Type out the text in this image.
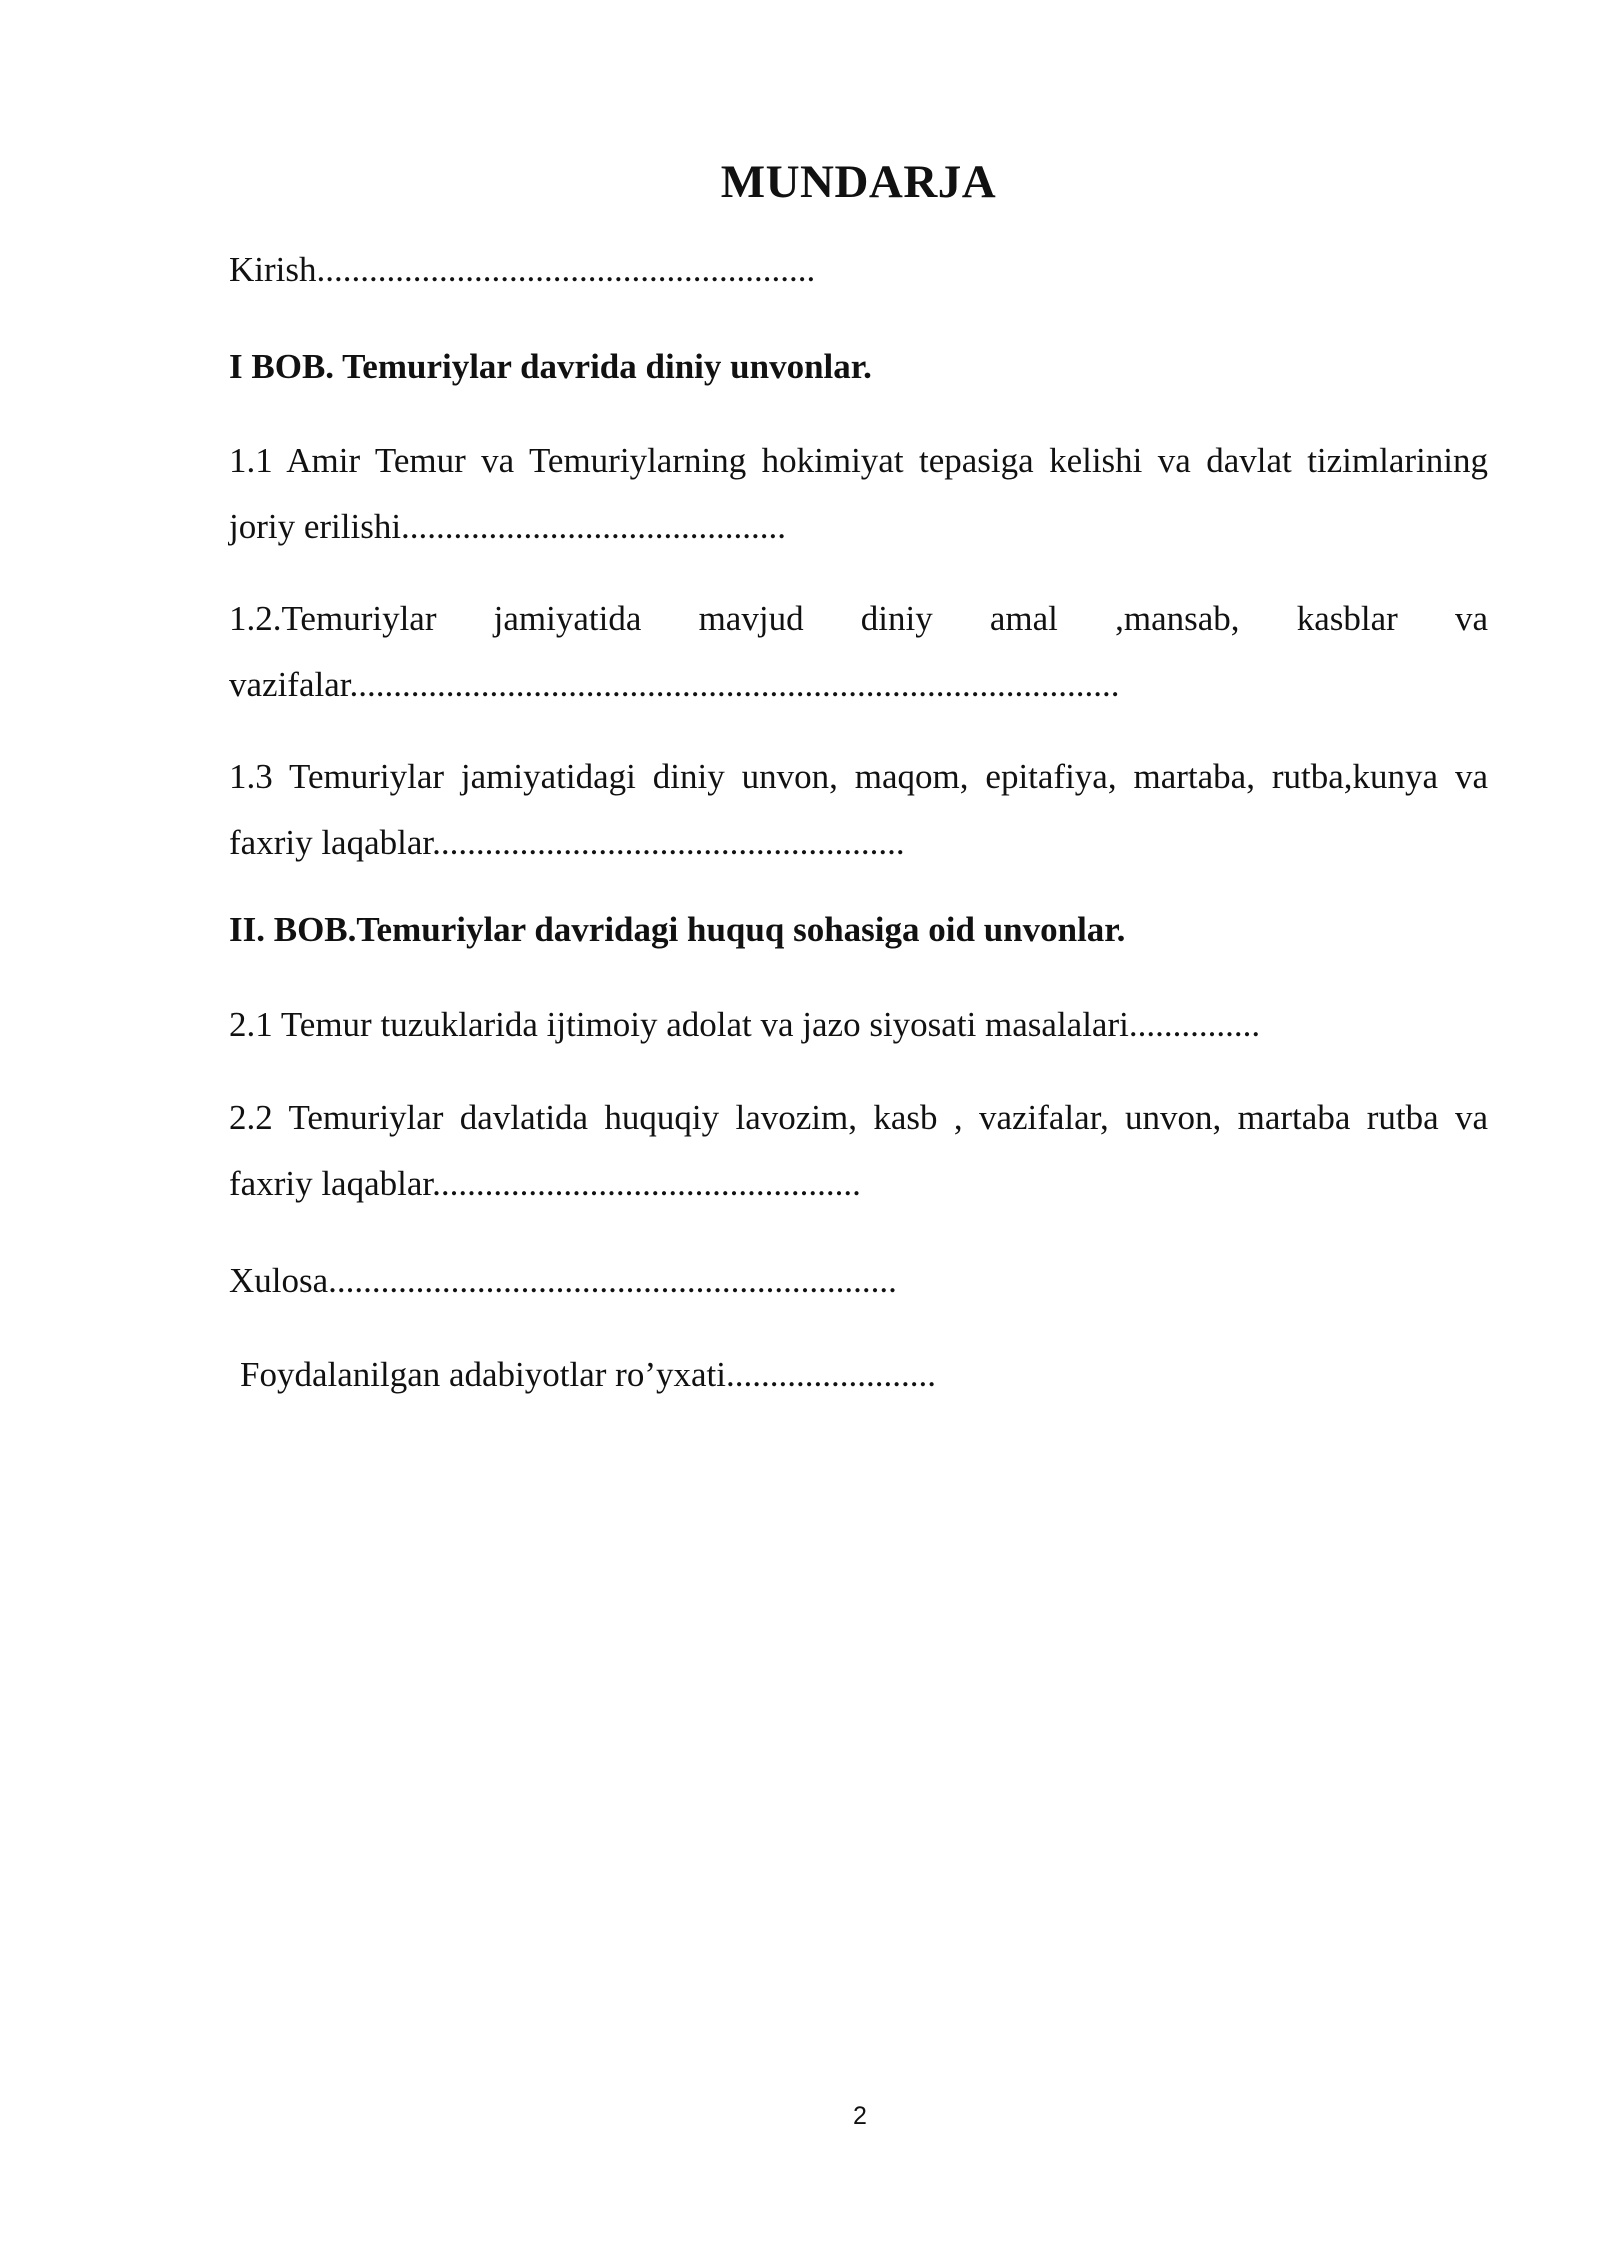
MUNDARJA

Kirish.........................................................

I BOB. Temuriylar davrida diniy unvonlar.

1.1 Amir Temur va Temuriylarning hokimiyat tepasiga kelishi va davlat tizimlarining joriy erilishi............................................

1.2.Temuriylar jamiyatida mavjud diniy amal ,mansab, kasblar va vazifalar........................................................................................

1.3 Temuriylar jamiyatidagi diniy unvon, maqom, epitafiya, martaba, rutba,kunya va faxriy laqablar......................................................

II. BOB.Temuriylar davridagi huquq sohasiga oid unvonlar.

2.1 Temur tuzuklarida ijtimoiy adolat va jazo siyosati masalalari...............

2.2 Temuriylar davlatida huquqiy lavozim, kasb , vazifalar, unvon, martaba rutba va faxriy laqablar.................................................

Xulosa.................................................................

Foydalanilgan adabiyotlar ro’yxati........................

2
